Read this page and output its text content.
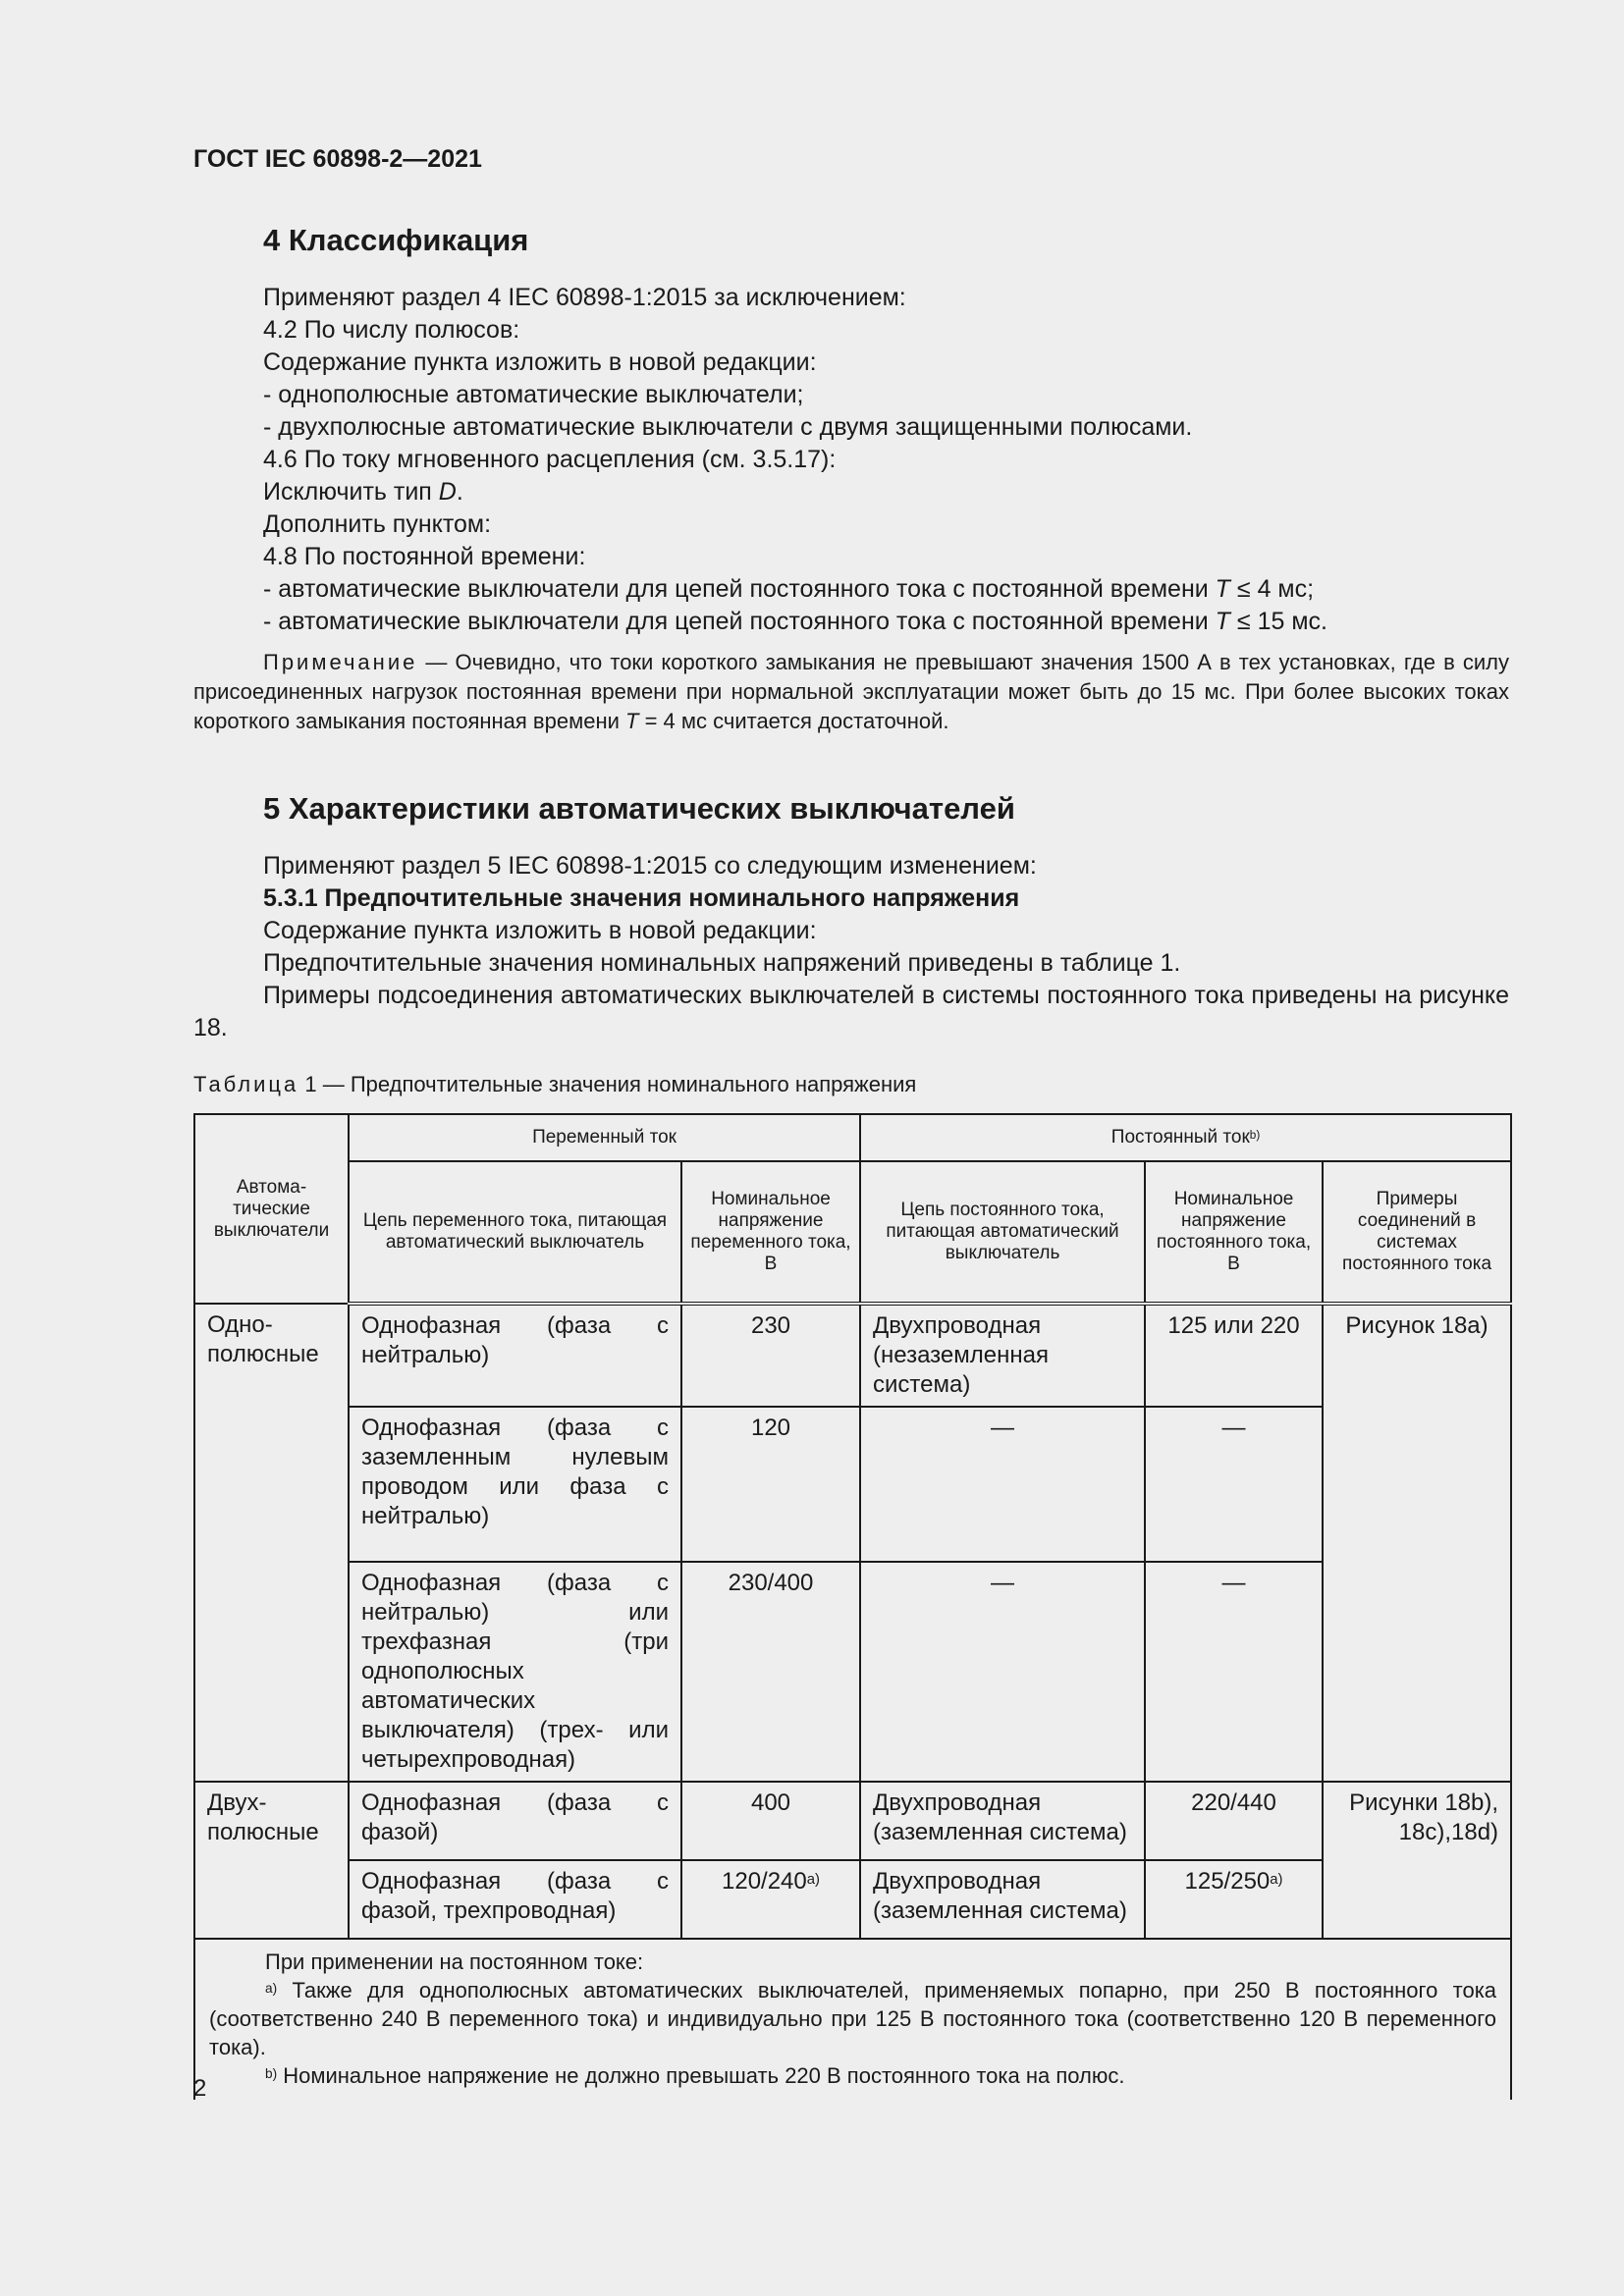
ГОСТ IEC 60898-2—2021
4 Классификация
Применяют раздел 4 IEC 60898-1:2015 за исключением:
4.2 По числу полюсов:
Содержание пункта изложить в новой редакции:
- однополюсные автоматические выключатели;
- двухполюсные автоматические выключатели с двумя защищенными полюсами.
4.6 По току мгновенного расцепления (см. 3.5.17):
Исключить тип D.
Дополнить пунктом:
4.8 По постоянной времени:
- автоматические выключатели для цепей постоянного тока с постоянной времени T ≤ 4 мс;
- автоматические выключатели для цепей постоянного тока с постоянной времени T ≤ 15 мс.
Примечание — Очевидно, что токи короткого замыкания не превышают значения 1500 А в тех установках, где в силу присоединенных нагрузок постоянная времени при нормальной эксплуатации может быть до 15 мс. При более высоких токах короткого замыкания постоянная времени T = 4 мс считается достаточной.
5 Характеристики автоматических выключателей
Применяют раздел 5 IEC 60898-1:2015 со следующим изменением:
5.3.1 Предпочтительные значения номинального напряжения
Содержание пункта изложить в новой редакции:
Предпочтительные значения номинальных напряжений приведены в таблице 1.
Примеры подсоединения автоматических выключателей в системы постоянного тока приведены на рисунке 18.
Таблица 1 — Предпочтительные значения номинального напряжения
Автома-тические выключатели	Переменный ток		Постоянный ток$^{b)}$
	Цепь переменного тока, питающая автоматический выключатель	Номинальное напряжение переменного тока, В	Цепь постоянного тока, питающая автоматический выключатель	Номинальное напряжение постоянного тока, В	Примеры соединений в системах постоянного тока
Одно-полюсные	Однофазная (фаза с нейтралью)	230	Двухпроводная (незаземленная система)	125 или 220	Рисунок 18a)
	Однофазная (фаза с заземленным нулевым проводом или фаза с нейтралью)	120	—	—	
	Однофазная (фаза с нейтралью) или трехфазная (три однополюсных автоматических выключателя) (трех- или четырехпроводная)	230/400	—	—	
Двух-полюсные	Однофазная (фаза с фазой)	400	Двухпроводная (заземленная система)	220/440	Рисунки 18b), 18c),18d)
	Однофазная (фаза с фазой, трехпроводная)	120/240$^{a)}$	Двухпроводная (заземленная система)	125/250$^{a)}$

При применении на постоянном токе:
$^{a)}$ Также для однополюсных автоматических выключателей, применяемых попарно, при 250 В постоянного тока (соответственно 240 В переменного тока) и индивидуально при 125 В постоянного тока (соответственно 120 В переменного тока).
$^{b)}$ Номинальное напряжение не должно превышать 220 В постоянного тока на полюс.					
2
